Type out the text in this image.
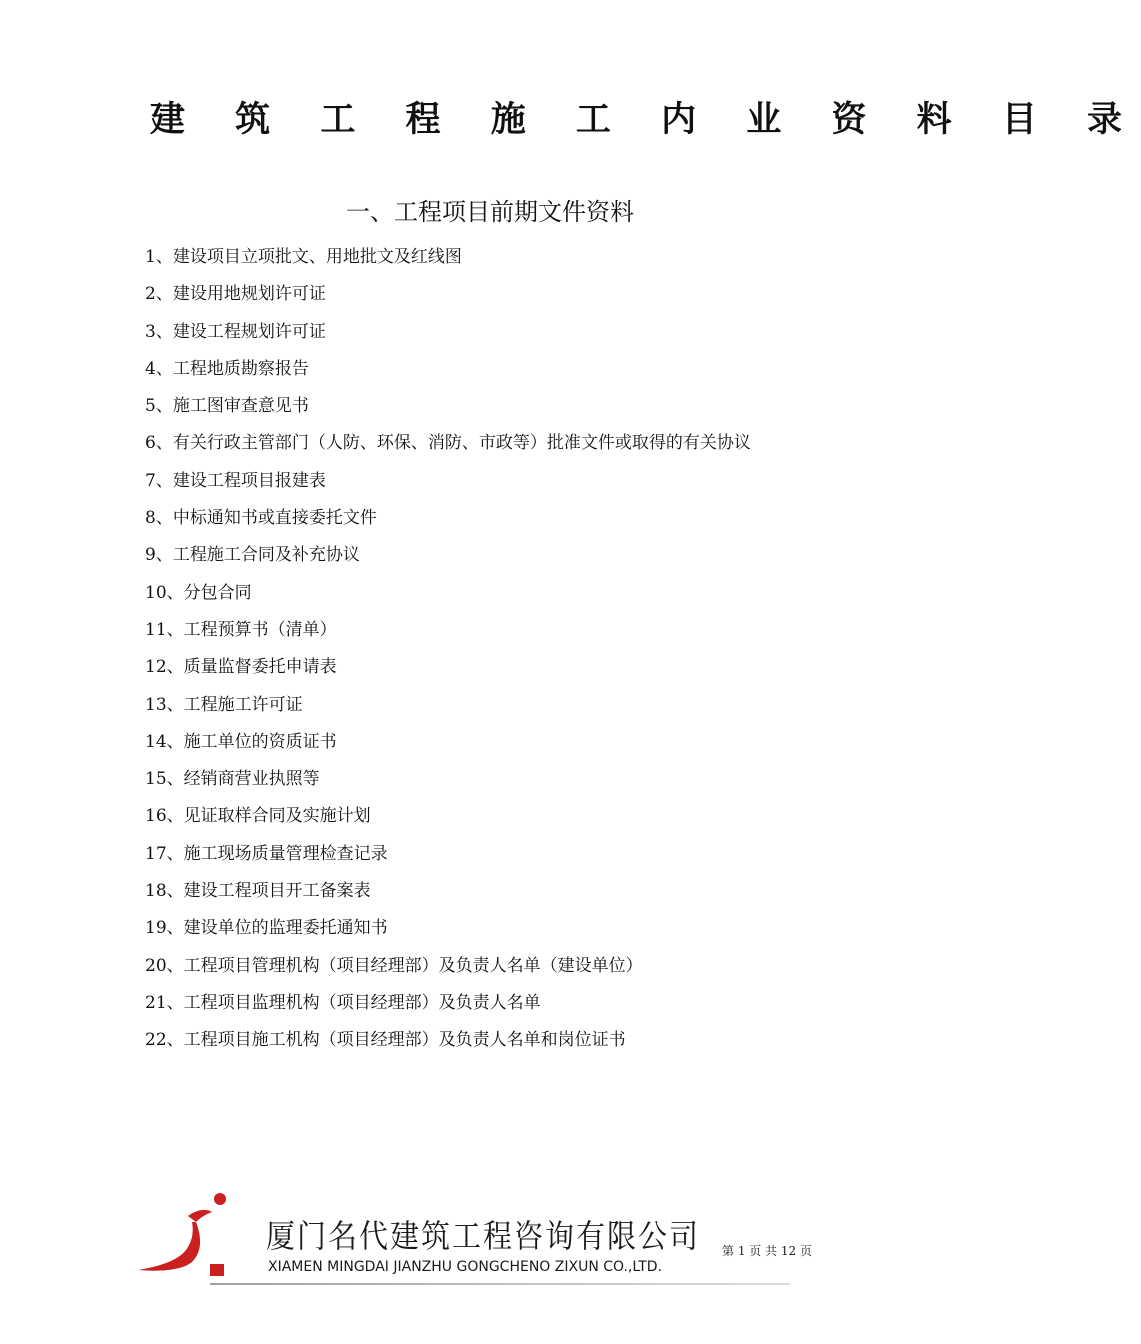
建 筑 工 程 施 工 内 业 资 料 目 录
一、工程项目前期文件资料
1、建设项目立项批文、用地批文及红线图
2、建设用地规划许可证
3、建设工程规划许可证
4、工程地质勘察报告
5、施工图审查意见书
6、有关行政主管部门（人防、环保、消防、市政等）批准文件或取得的有关协议
7、建设工程项目报建表
8、中标通知书或直接委托文件
9、工程施工合同及补充协议
10、分包合同
11、工程预算书（清单）
12、质量监督委托申请表
13、工程施工许可证
14、施工单位的资质证书
15、经销商营业执照等
16、见证取样合同及实施计划
17、施工现场质量管理检查记录
18、建设工程项目开工备案表
19、建设单位的监理委托通知书
20、工程项目管理机构（项目经理部）及负责人名单（建设单位）
21、工程项目监理机构（项目经理部）及负责人名单
22、工程项目施工机构（项目经理部）及负责人名单和岗位证书
厦门名代建筑工程咨询有限公司
XIAMEN MINGDAI JIANZHU GONGCHENO ZIXUN CO.,LTD.
第 1 页 共 12 页
